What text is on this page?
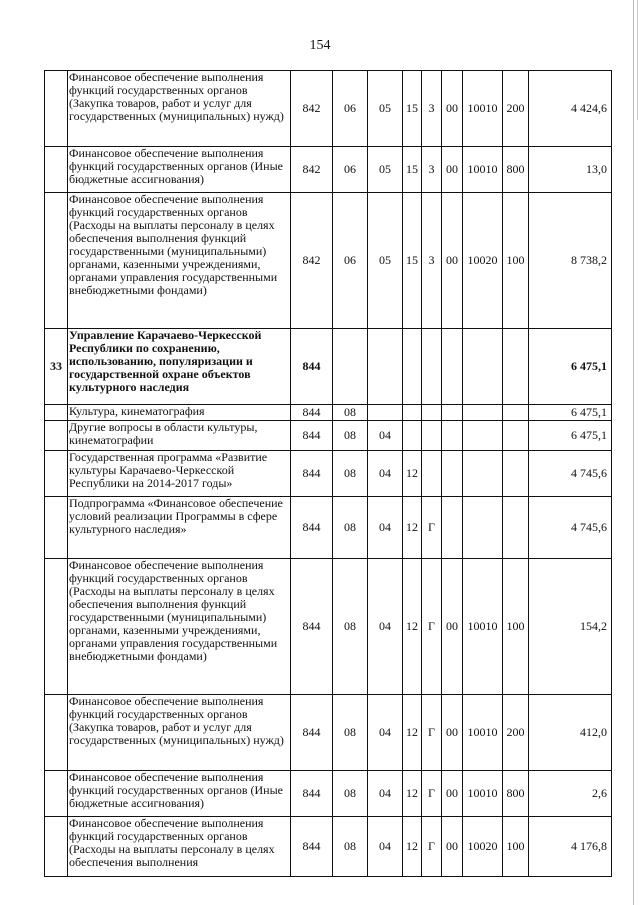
154
	Финансовое обеспечение выполнения функций государственных органов (Закупка товаров, работ и услуг для государственных (муниципальных) нужд)	842	06	05	15	3	00	10010	200	4 424,6
	Финансовое обеспечение выполнения функций государственных органов (Иные бюджетные ассигнования)	842	06	05	15	3	00	10010	800	13,0
	Финансовое обеспечение выполнения функций государственных органов (Расходы на выплаты персоналу в целях обеспечения выполнения функций государственными (муниципальными) органами, казенными учреждениями, органами управления государственными внебюджетными фондами)	842	06	05	15	3	00	10020	100	8 738,2
33	Управление Карачаево-Черкесской Республики по сохранению, использованию, популяризации и государственной охране объектов культурного наследия	844								6 475,1
	Культура, кинематография	844	08							6 475,1
	Другие вопросы в области культуры, кинематографии	844	08	04						6 475,1
	Государственная программа «Развитие культуры Карачаево-Черкесской Республики на 2014-2017 годы»	844	08	04	12					4 745,6
	Подпрограмма «Финансовое обеспечение условий реализации Программы в сфере культурного наследия»	844	08	04	12	Г				4 745,6
	Финансовое обеспечение выполнения функций государственных органов (Расходы на выплаты персоналу в целях обеспечения выполнения функций государственными (муниципальными) органами, казенными учреждениями, органами управления государственными внебюджетными фондами)	844	08	04	12	Г	00	10010	100	154,2
	Финансовое обеспечение выполнения функций государственных органов (Закупка товаров, работ и услуг для государственных (муниципальных) нужд)	844	08	04	12	Г	00	10010	200	412,0
	Финансовое обеспечение выполнения функций государственных органов (Иные бюджетные ассигнования)	844	08	04	12	Г	00	10010	800	2,6
	Финансовое обеспечение выполнения функций государственных органов (Расходы на выплаты персоналу в целях обеспечения выполнения	844	08	04	12	Г	00	10020	100	4 176,8
